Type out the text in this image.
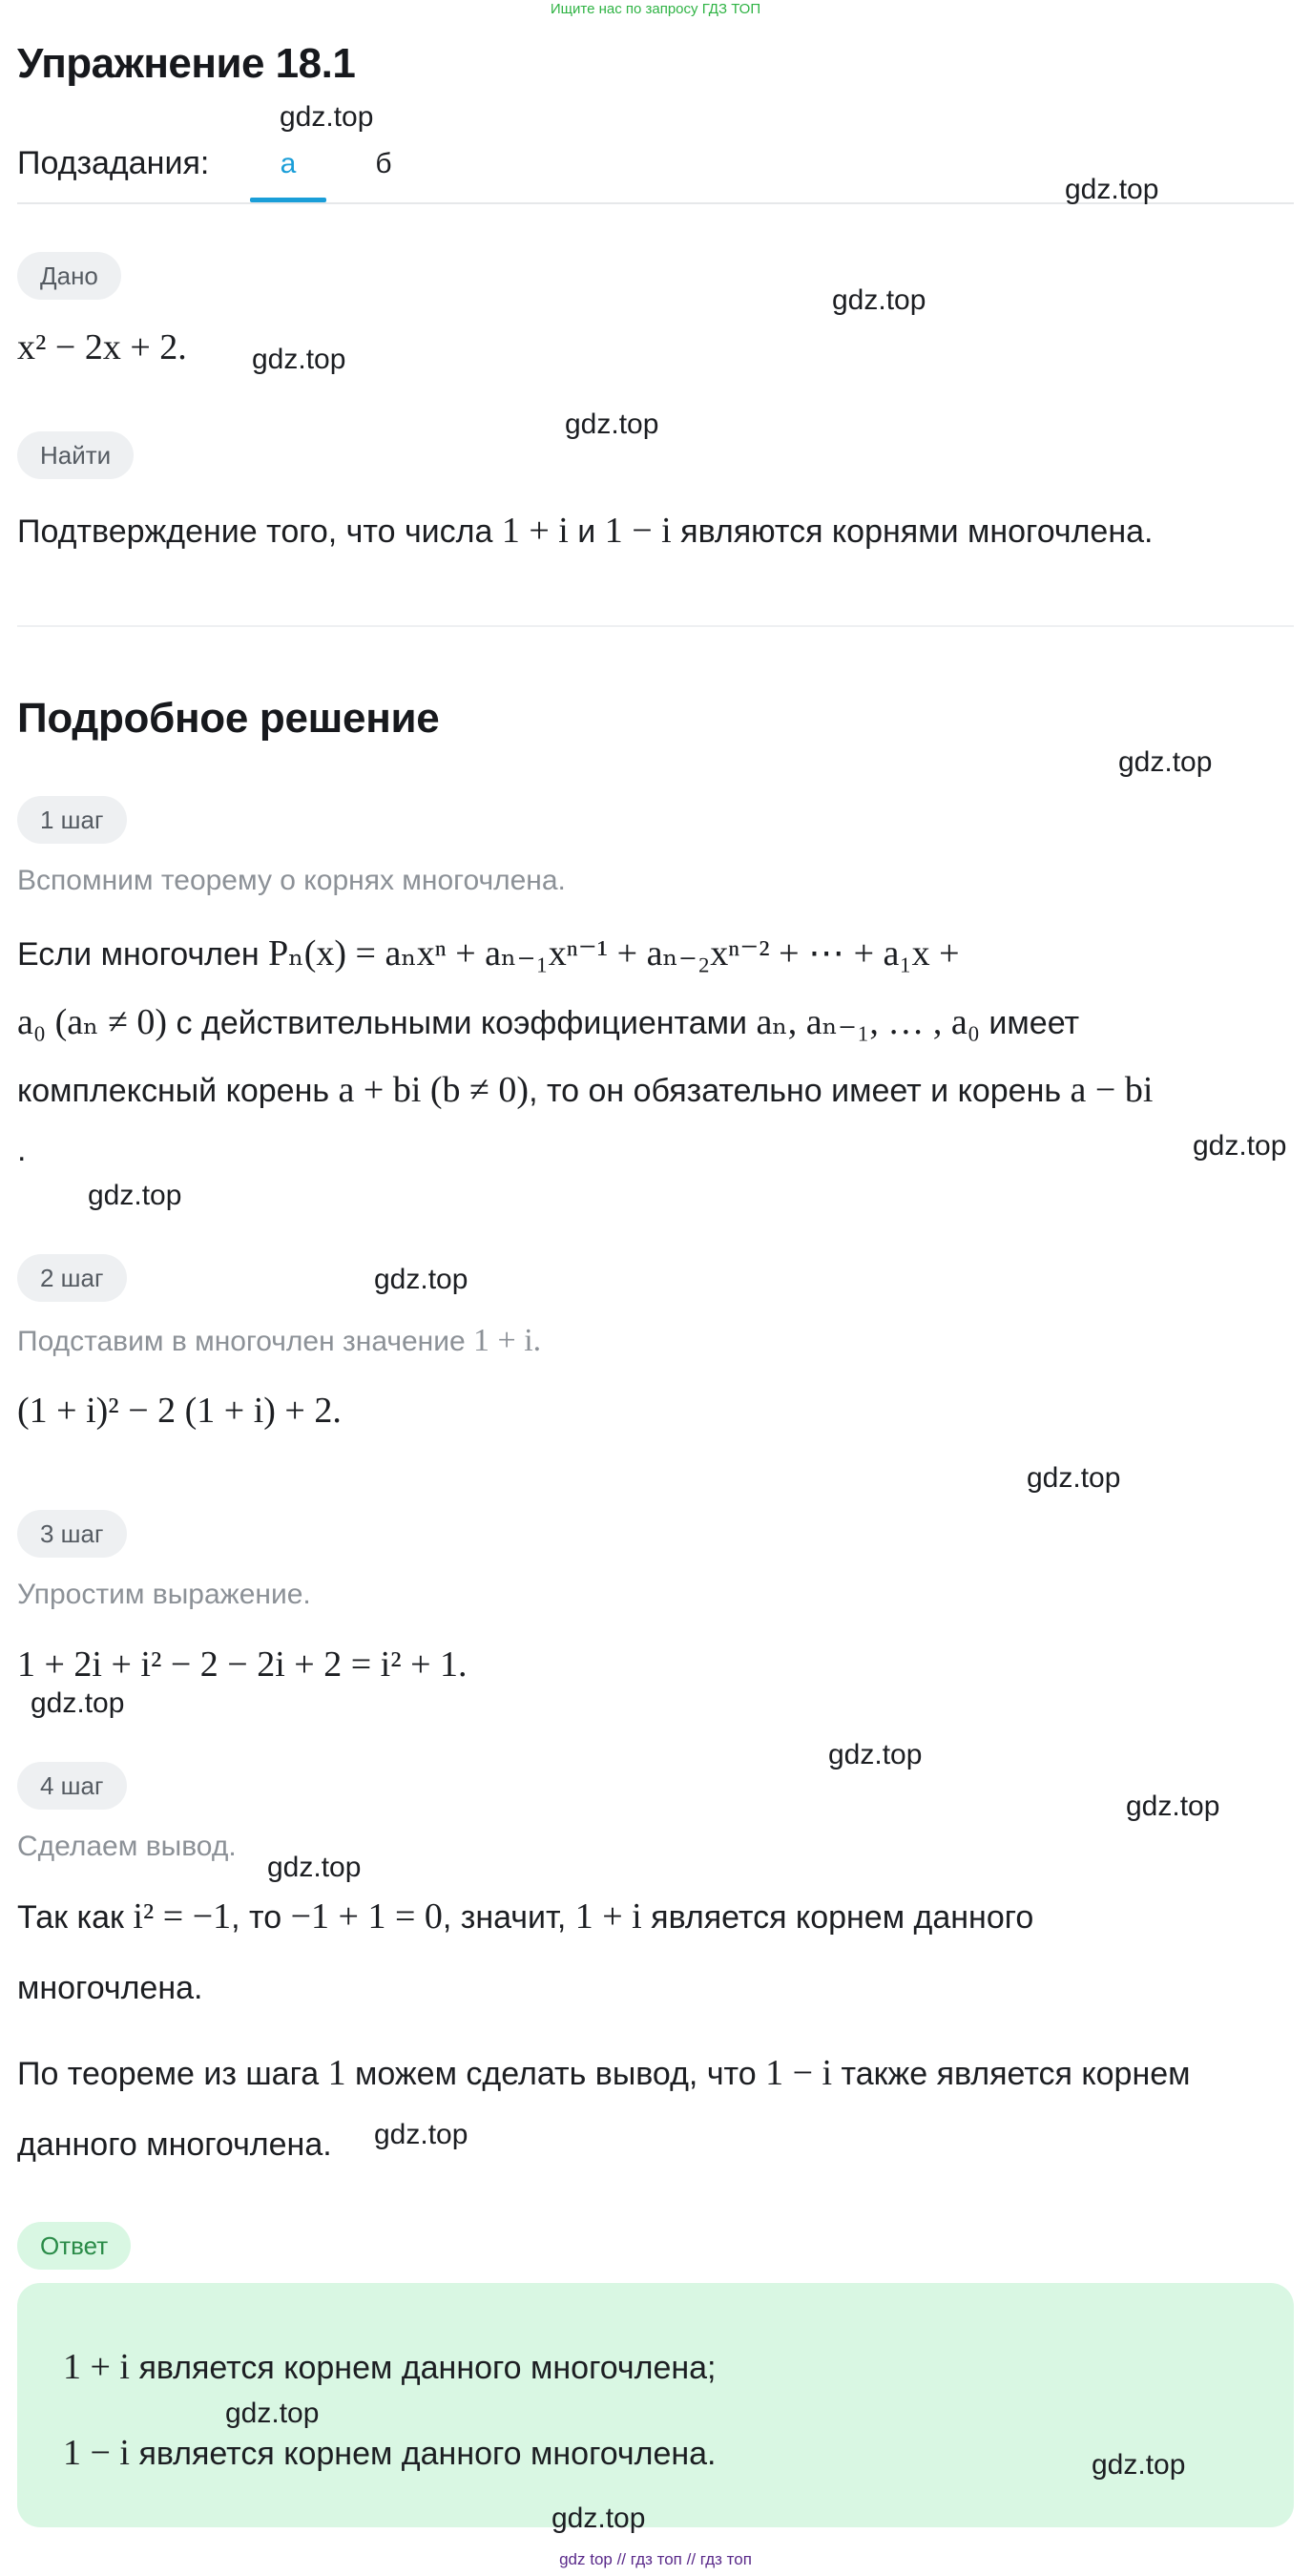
Ищите нас по запросу ГДЗ ТОП
Упражнение 18.1
Подзадания:	а	б
Дано
x² − 2x + 2.
Найти
Подтверждение того, что числа 1 + i и 1 − i являются корнями многочлена.
Подробное решение
1 шаг
Вспомним теорему о корнях многочлена.
Если многочлен Pₙ(x) = aₙxⁿ + aₙ₋₁xⁿ⁻¹ + aₙ₋₂xⁿ⁻² + ⋯ + a₁x +
a₀ (aₙ ≠ 0) с действительными коэффициентами aₙ, aₙ₋₁, … , a₀ имеет
комплексный корень a + bi (b ≠ 0), то он обязательно имеет и корень a − bi
.
2 шаг
Подставим в многочлен значение 1 + i.
(1 + i)² − 2 (1 + i) + 2.
3 шаг
Упростим выражение.
1 + 2i + i² − 2 − 2i + 2 = i² + 1.
4 шаг
Сделаем вывод.
Так как i² = −1, то −1 + 1 = 0, значит, 1 + i является корнем данного
многочлена.
По теореме из шага 1 можем сделать вывод, что 1 − i также является корнем
данного многочлена.
Ответ
1 + i является корнем данного многочлена;
1 − i является корнем данного многочлена.
gdz.top
gdz.top
gdz.top
gdz.top
gdz.top
gdz.top
gdz.top
gdz.top
gdz.top
gdz.top
gdz.top
gdz.top
gdz.top
gdz.top
gdz.top
gdz.top
gdz.top
gdz.top
gdz top // гдз топ // гдз топ
